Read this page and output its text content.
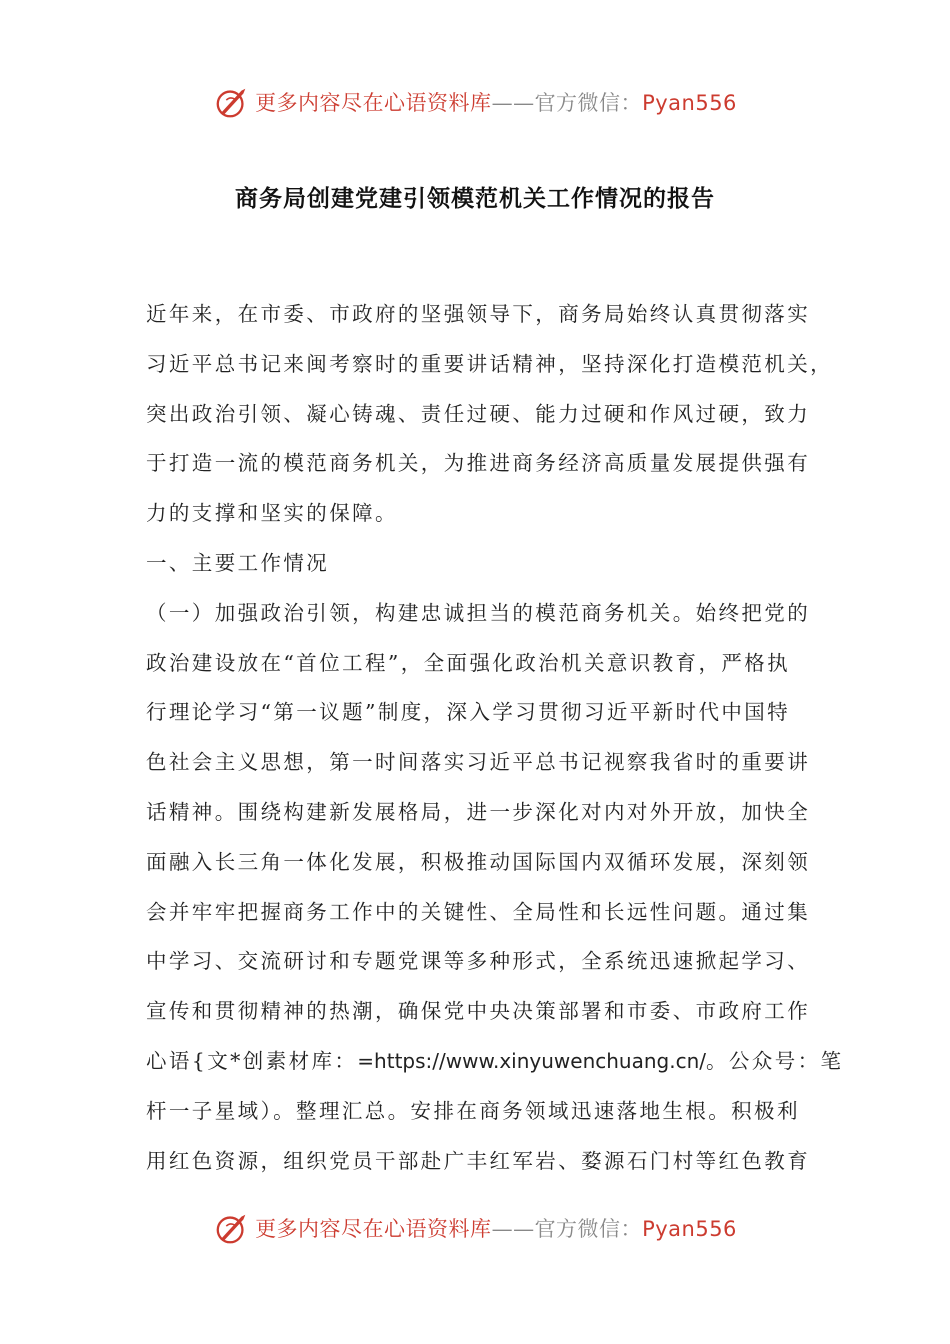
更多内容尽在心语资料库——官方微信：Pyan556
商务局创建党建引领模范机关工作情况的报告
近年来，在市委、市政府的坚强领导下，商务局始终认真贯彻落实
习近平总书记来闽考察时的重要讲话精神，坚持深化打造模范机关，
突出政治引领、凝心铸魂、责任过硬、能力过硬和作风过硬，致力
于打造一流的模范商务机关，为推进商务经济高质量发展提供强有
力的支撑和坚实的保障。
一、主要工作情况
（一）加强政治引领，构建忠诚担当的模范商务机关。始终把党的
政治建设放在“首位工程”，全面强化政治机关意识教育，严格执
行理论学习“第一议题”制度，深入学习贯彻习近平新时代中国特
色社会主义思想，第一时间落实习近平总书记视察我省时的重要讲
话精神。围绕构建新发展格局，进一步深化对内对外开放，加快全
面融入长三角一体化发展，积极推动国际国内双循环发展，深刻领
会并牢牢把握商务工作中的关键性、全局性和长远性问题。通过集
中学习、交流研讨和专题党课等多种形式，全系统迅速掀起学习、
宣传和贯彻精神的热潮，确保党中央决策部署和市委、市政府工作
心语{文*创素材库：=https://www.xinyuwenchuang.cn/。公众号：笔
杆一子星域）。整理汇总。安排在商务领域迅速落地生根。积极利
用红色资源，组织党员干部赴广丰红军岩、婺源石门村等红色教育
更多内容尽在心语资料库——官方微信：Pyan556
